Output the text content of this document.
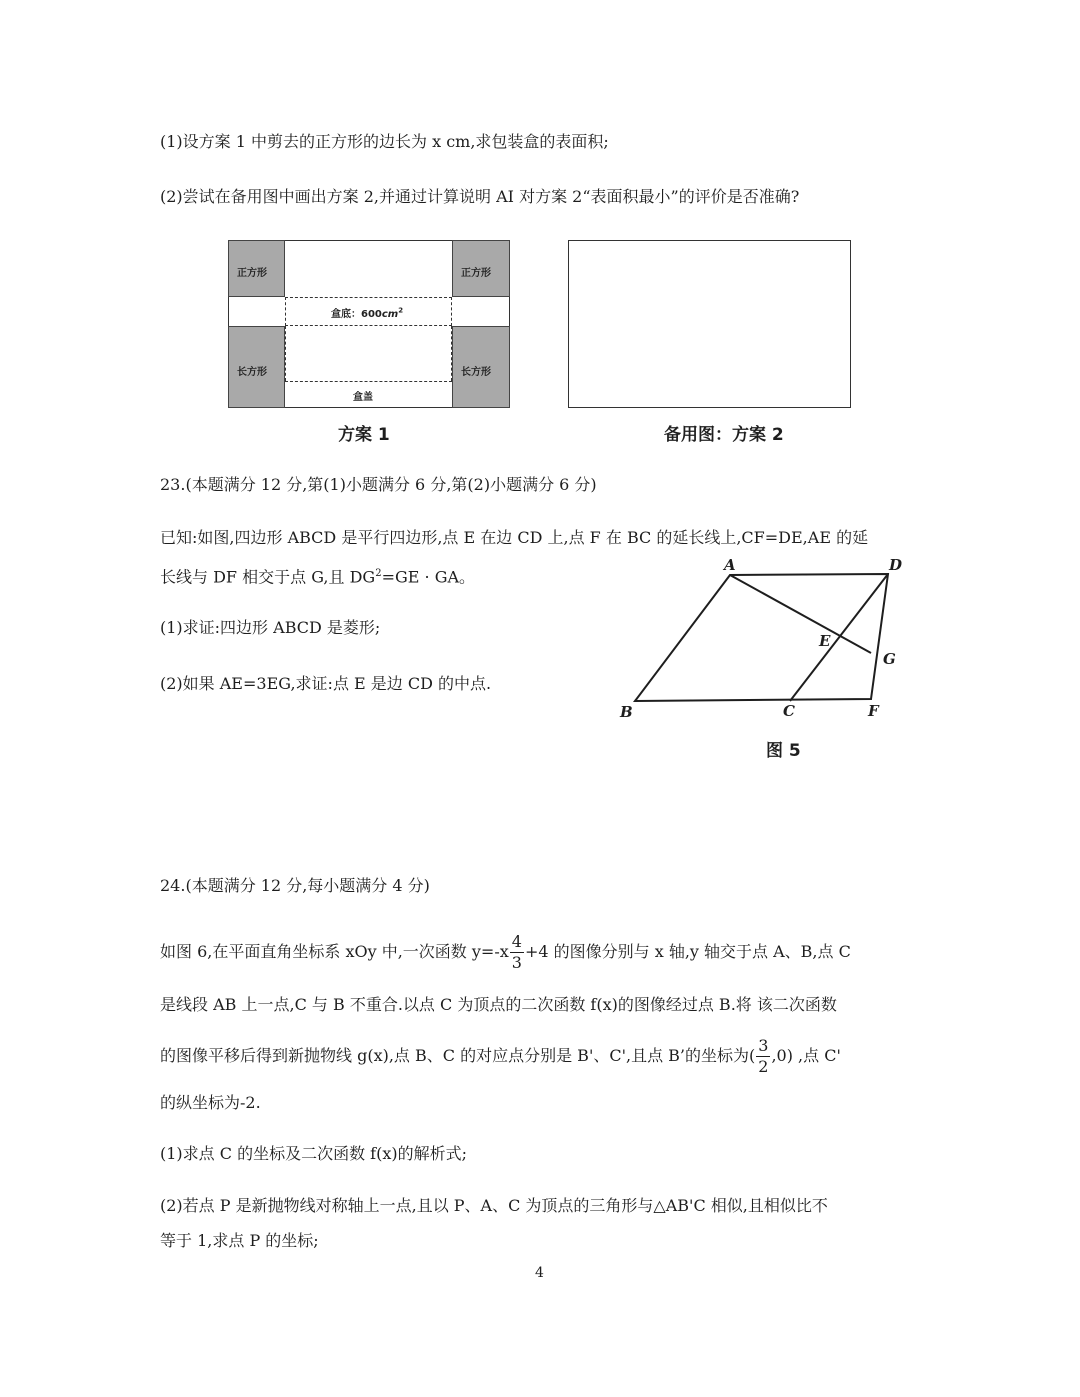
(1)设方案 1 中剪去的正方形的边长为 x cm,求包装盒的表面积;
(2)尝试在备用图中画出方案 2,并通过计算说明 AI 对方案 2“表面积最小”的评价是否准确?
正方形	正方形
长方形	长方形
盒底：$600cm^2$
盒盖
方案 1	备用图：方案 2
23.(本题满分 12 分,第(1)小题满分 6 分,第(2)小题满分 6 分)
已知:如图,四边形 ABCD 是平行四边形,点 E 在边 CD 上,点 F 在 BC 的延长线上,CF=DE,AE 的延
长线与 DF 相交于点 G,且 $DG^2=GE$ · GA。
(1)求证:四边形 ABCD 是菱形;
(2)如果 AE=3EG,求证:点 E 是边 CD 的中点.
A	D
E
G
B	C	F
图 5
24.(本题满分 12 分,每小题满分 4 分)
如图 6,在平面直角坐标系 xOy 中,一次函数 $y=-x \frac{4}{3} +4$ 的图像分别与 x 轴,y 轴交于点 A、B,点 C
是线段 AB 上一点,C 与 B 不重合.以点 C 为顶点的二次函数 f(x)的图像经过点 B.将 该二次函数
的图像平移后得到新抛物线 g(x),点 B、C 的对应点分别是 B'、C',且点 B’的坐标为( $\frac{3}{2} ,0$) ,点 C'
的纵坐标为-2.
(1)求点 C 的坐标及二次函数 f(x)的解析式;
(2)若点 P 是新抛物线对称轴上一点,且以 P、A、C 为顶点的三角形与△AB'C 相似,且相似比不
等于 1,求点 P 的坐标;
4
